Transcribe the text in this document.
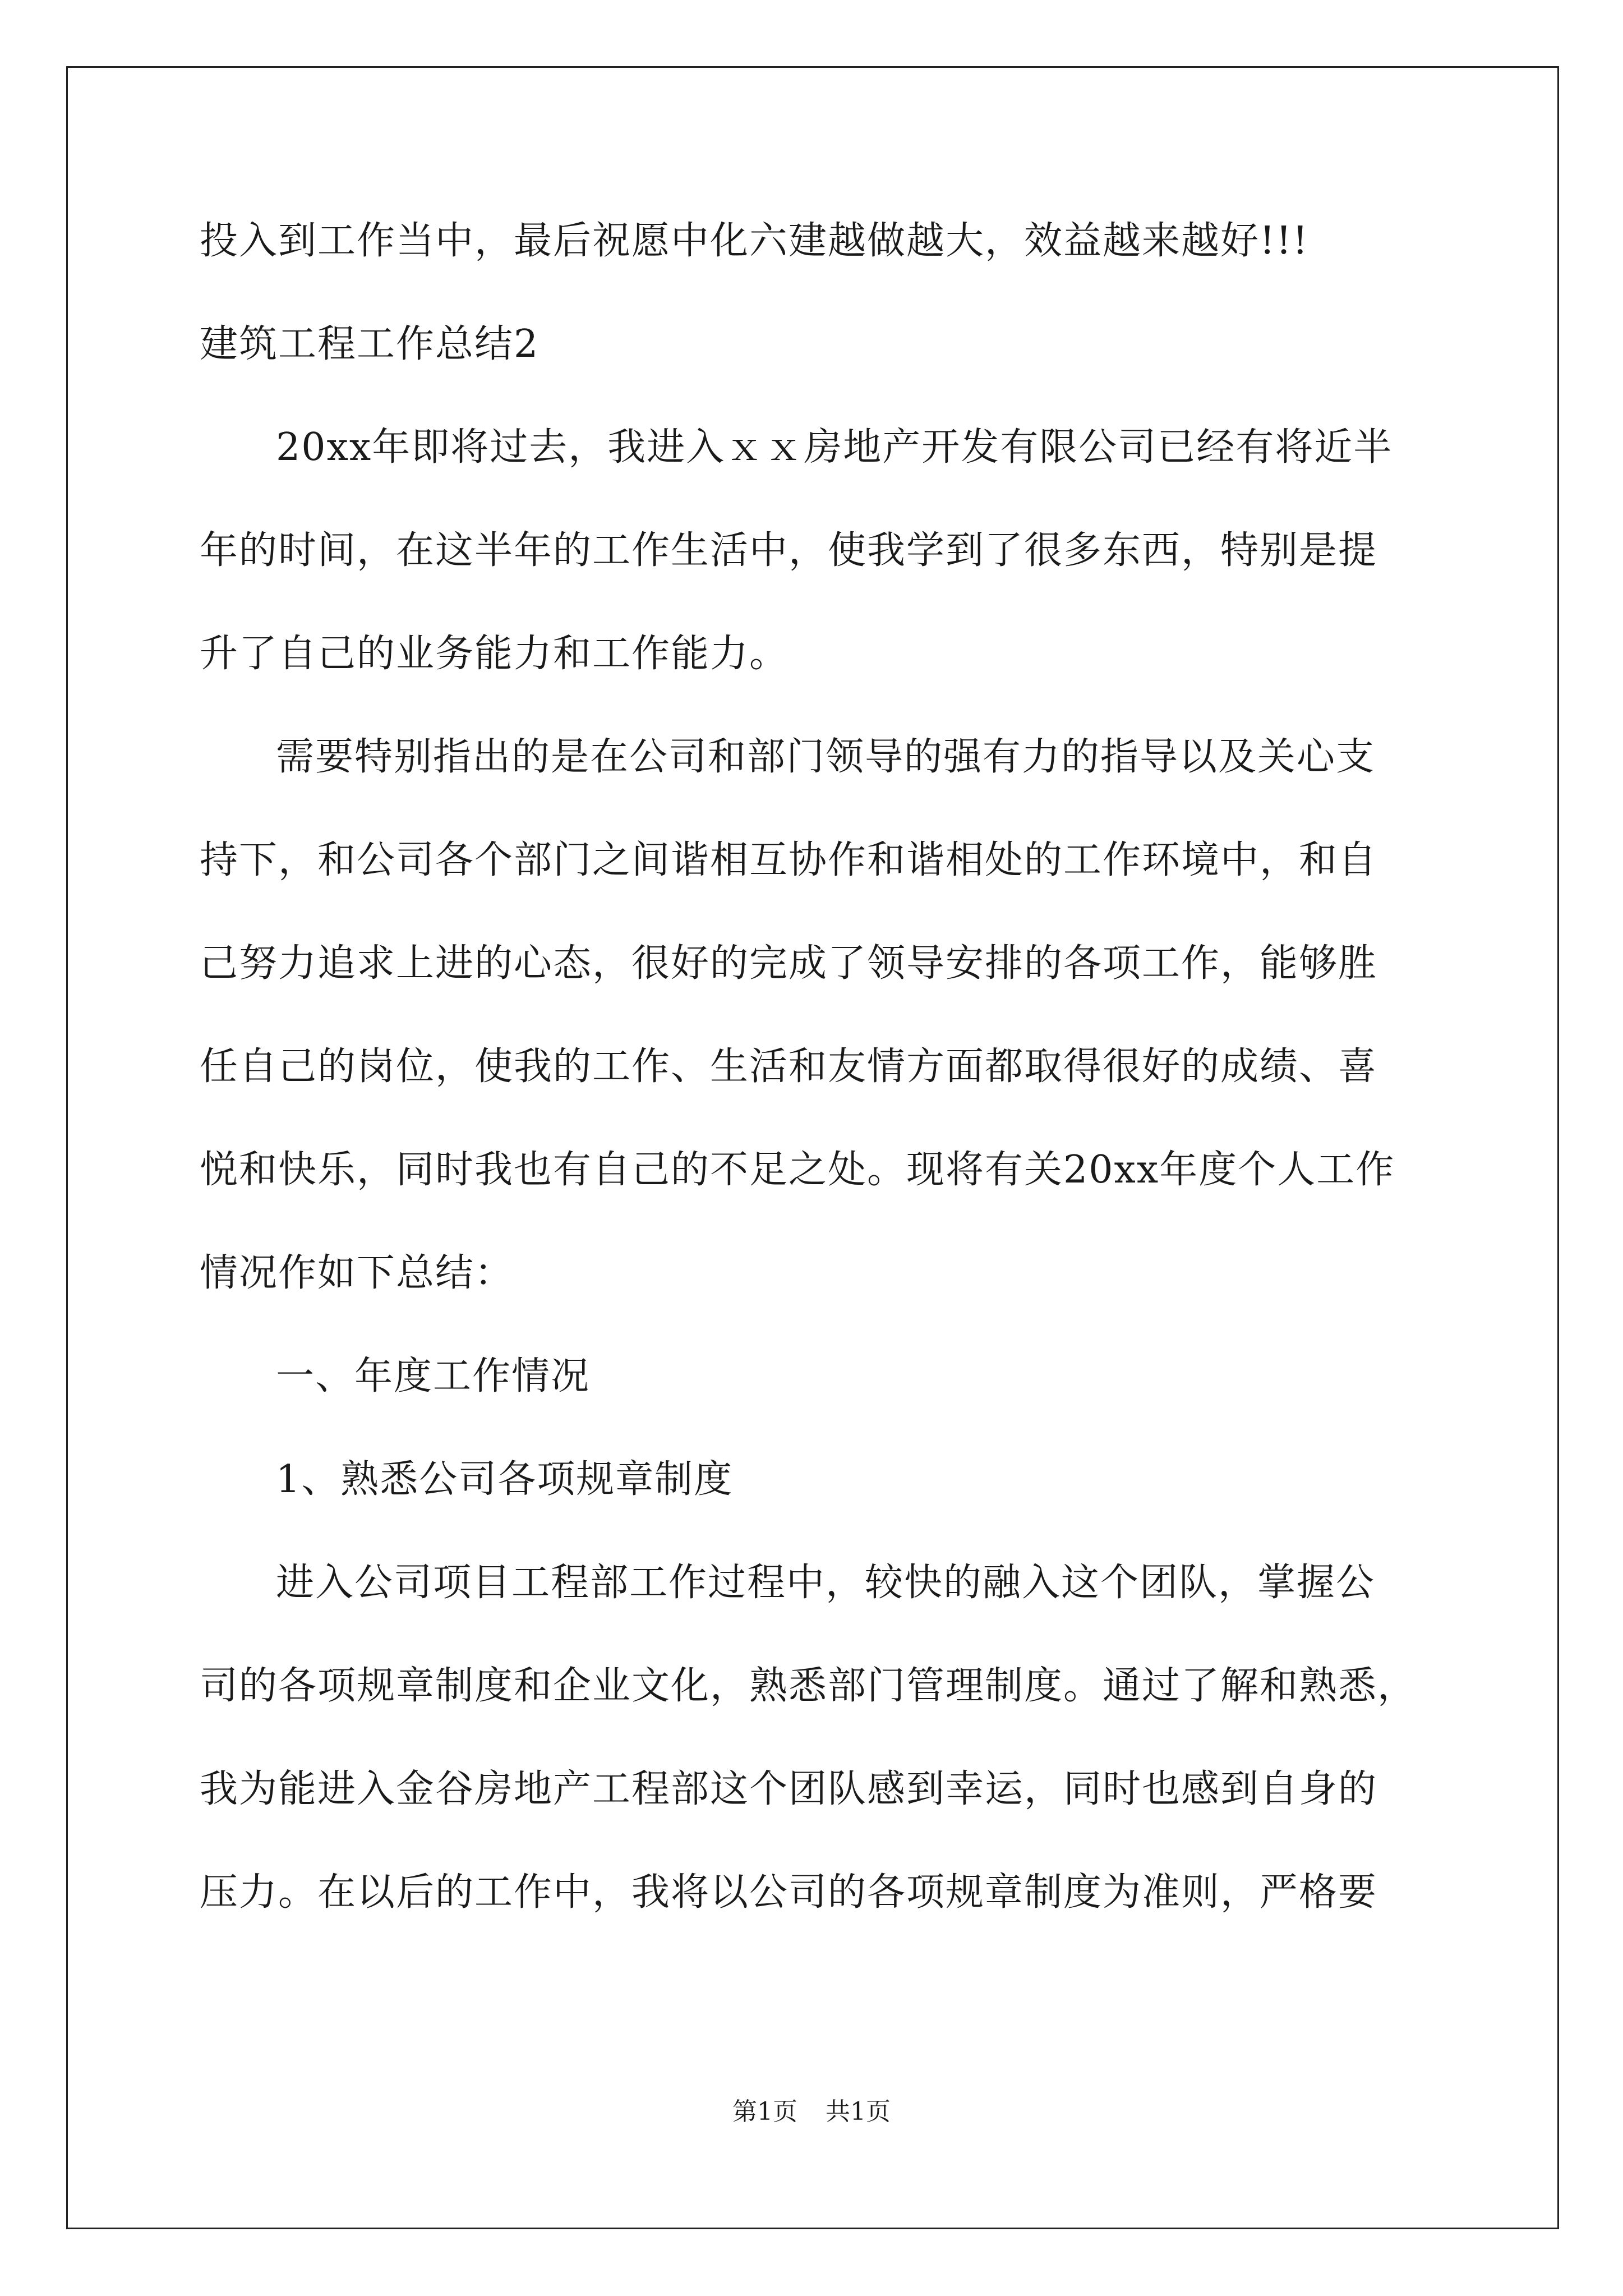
投入到工作当中，最后祝愿中化六建越做越大，效益越来越好!!!
建筑工程工作总结2
20xx年即将过去，我进入ｘｘ房地产开发有限公司已经有将近半
年的时间，在这半年的工作生活中，使我学到了很多东西，特别是提
升了自己的业务能力和工作能力。
需要特别指出的是在公司和部门领导的强有力的指导以及关心支
持下，和公司各个部门之间谐相互协作和谐相处的工作环境中，和自
己努力追求上进的心态，很好的完成了领导安排的各项工作，能够胜
任自己的岗位，使我的工作、生活和友情方面都取得很好的成绩、喜
悦和快乐，同时我也有自己的不足之处。现将有关20xx年度个人工作
情况作如下总结：
一、年度工作情况
1、熟悉公司各项规章制度
进入公司项目工程部工作过程中，较快的融入这个团队，掌握公
司的各项规章制度和企业文化，熟悉部门管理制度。通过了解和熟悉，
我为能进入金谷房地产工程部这个团队感到幸运，同时也感到自身的
压力。在以后的工作中，我将以公司的各项规章制度为准则，严格要
第1页 共1页
